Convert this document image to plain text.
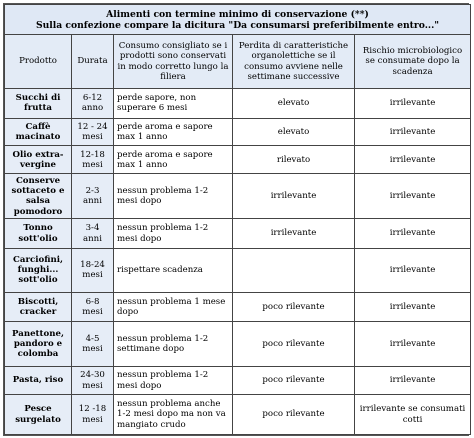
Alimenti con termine minimo di conservazione (**)
Sulla confezione compare la dicitura "Da consumarsi preferibilmente entro..."				

Prodotto	Durata	Consumo consigliato se i prodotti sono conservati in modo corretto lungo la filiera	Perdita di caratteristiche organolettiche se il consumo avviene nelle settimane successive	Rischio microbiologico se consumate dopo la scadenza
Succhi di frutta	6-12 anno	perde sapore, non superare 6 mesi	elevato	irrilevante
Caffè macinato	12 - 24 mesi	perde aroma e sapore max 1 anno	elevato	irrilevante
Olio extra-vergine	12-18 mesi	perde aroma e sapore max 1 anno	rilevato	irrilevante
Conserve sottaceto e salsa pomodoro	2-3 anni	nessun problema 1-2 mesi dopo	irrilevante	irrilevante
Tonno sott'olio	3-4 anni	nessun problema 1-2 mesi dopo	irrilevante	irrilevante
Carciofini, funghi... sott'olio	18-24 mesi	rispettare scadenza		irrilevante
Biscotti, cracker	6-8 mesi	nessun problema 1 mese dopo	poco rilevante	irrilevante
Panettone, pandoro e colomba	4-5 mesi	nessun problema 1-2 settimane dopo	poco rilevante	irrilevante
Pasta, riso	24-30 mesi	nessun problema 1-2 mesi dopo	poco rilevante	irrilevante
Pesce surgelato	12 -18 mesi	nessun problema anche 1-2 mesi dopo ma non va mangiato crudo	poco rilevante	irrilevante se consumati cotti
